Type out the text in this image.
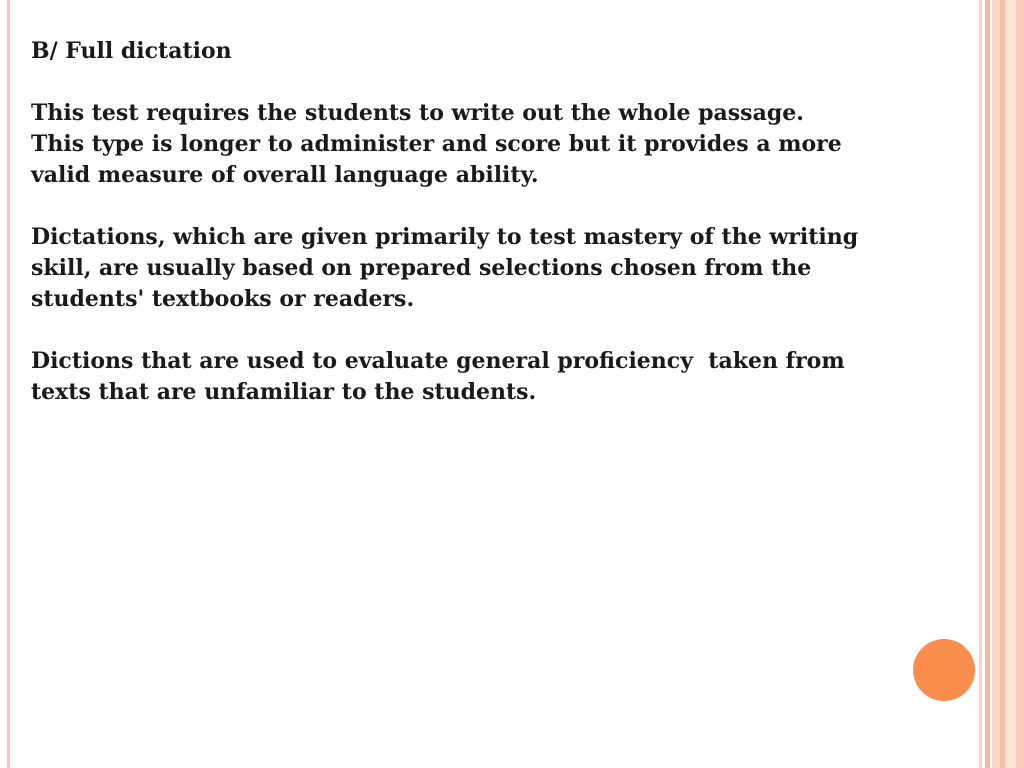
B/ Full dictation

This test requires the students to write out the whole passage.
This type is longer to administer and score but it provides a more
valid measure of overall language ability.

Dictations, which are given primarily to test mastery of the writing
skill, are usually based on prepared selections chosen from the
students' textbooks or readers.

Dictions that are used to evaluate general proficiency  taken from
texts that are unfamiliar to the students.
